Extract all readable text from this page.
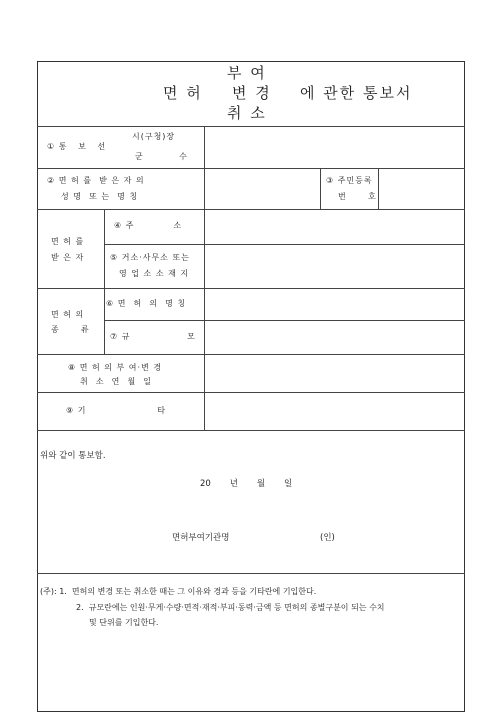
부 여
면 허 변 경 에 관한 통보서
취 소
① 통   보   선
시(구청)장
군          수
② 면 허 를  받 은 자 의
성 명  또 는  명 칭
③ 주민등록
번      호
면 허 를
받 은 자
④ 주           소
⑤ 거소·사무소 또는
영 업 소 소 재 지
면 허 의
종      류
⑥ 면  허  의  명 칭
⑦ 규                모
⑧ 면 허 의 부 여·변 경
취  소  연  월  일
⑨ 기                    타
위와 같이 통보함.
20       년       월       일
면허부여기관명	(인)
(주): 1.  면허의 변경 또는 취소한 때는 그 이유와 경과 등을 기타란에 기입한다.
2.  규모란에는 인원·무게·수량·면적·재적·부피·동력·금액 등 면허의 종별구분이 되는 수치
및 단위를 기입한다.
